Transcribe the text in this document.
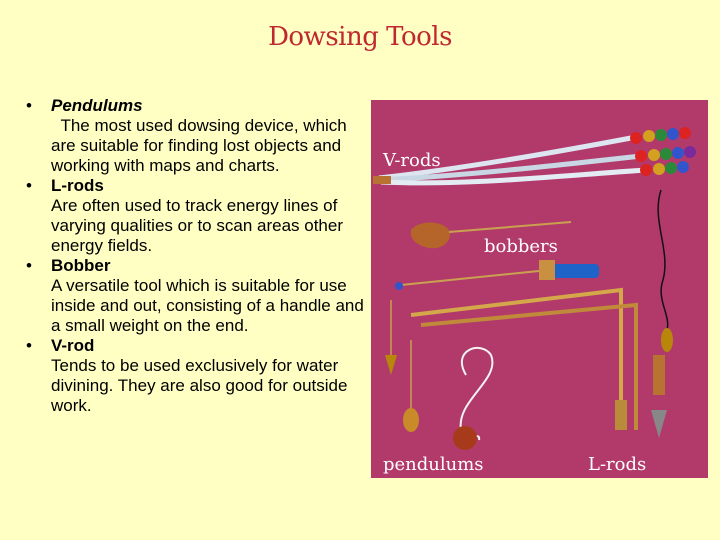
Dowsing Tools
• Pendulums
The most used dowsing device, which are suitable for finding lost objects and working with maps and charts.
• L-rods
Are often used to track energy lines of varying qualities or to scan areas other energy fields.
• Bobber
A versatile tool which is suitable for use inside and out, consisting of a handle and a small weight on the end.
• V-rod
Tends to be used exclusively for water divining. They are also good for outside work.
V-rods
bobbers
pendulums	L-rods
